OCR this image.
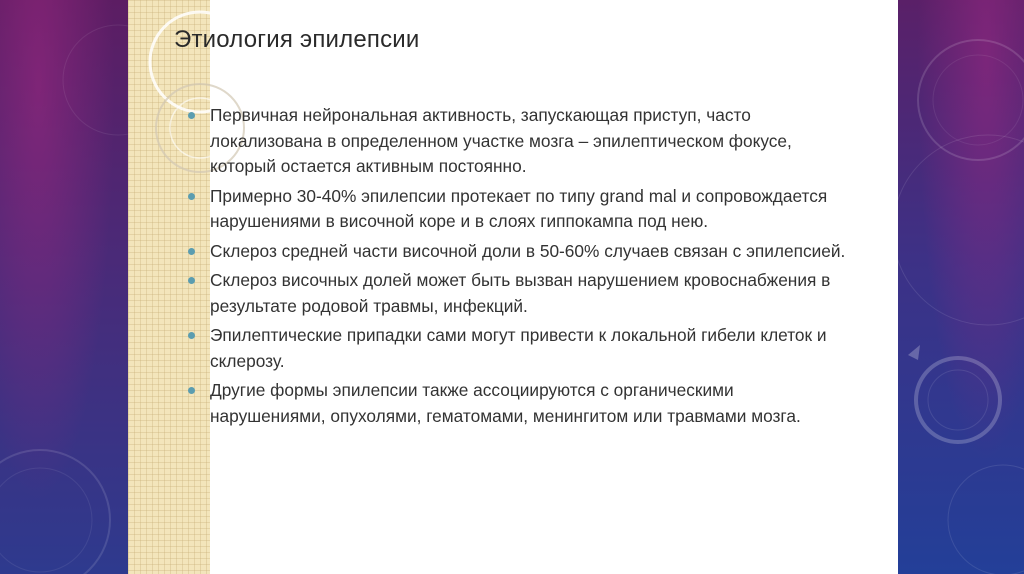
Этиология эпилепсии
Первичная нейрональная активность, запускающая приступ, часто локализована в определенном участке мозга – эпилептическом фокусе, который остается активным постоянно.
Примерно 30-40% эпилепсии протекает по типу grand mal и сопровождается нарушениями в височной коре и в слоях гиппокампа под нею.
Склероз средней части височной доли в 50-60% случаев связан с эпилепсией.
Склероз височных долей может быть вызван нарушением кровоснабжения в результате родовой травмы, инфекций.
Эпилептические припадки сами могут привести к локальной гибели клеток и склерозу.
Другие формы эпилепсии также ассоциируются с органическими нарушениями, опухолями, гематомами, менингитом или травмами мозга.
